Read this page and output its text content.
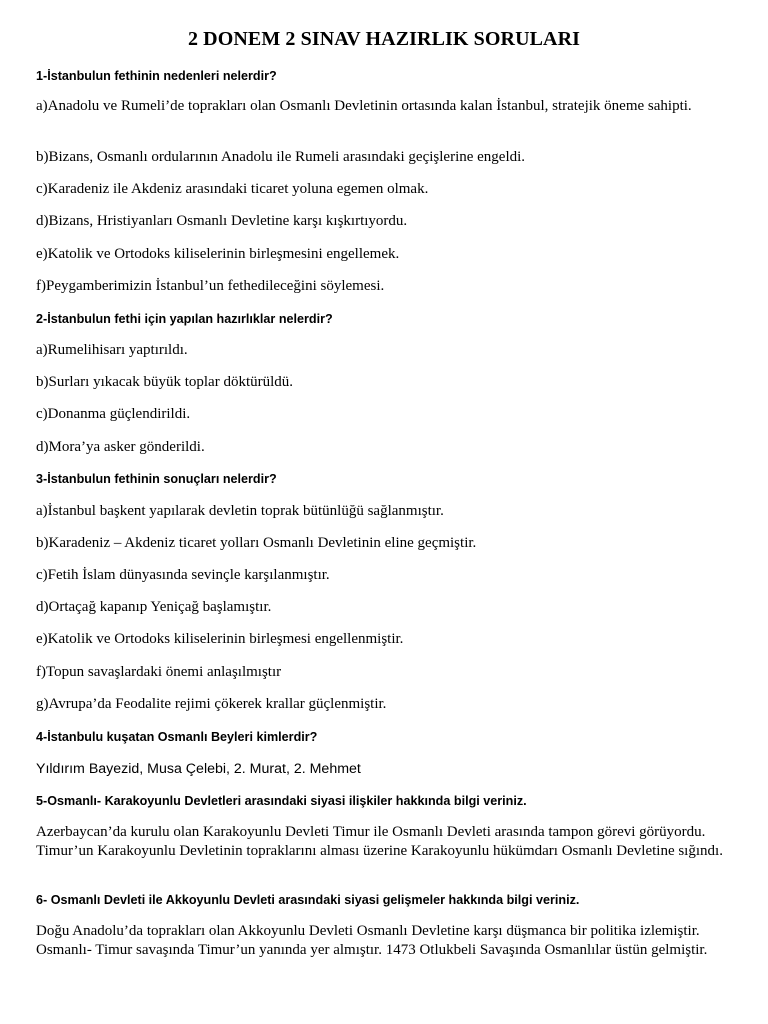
2 DONEM 2 SINAV HAZIRLIK SORULARI
1-İstanbulun fethinin nedenleri nelerdir?
a)Anadolu ve Rumeli’de toprakları olan Osmanlı Devletinin ortasında kalan İstanbul, stratejik öneme sahipti.
b)Bizans, Osmanlı ordularının Anadolu ile Rumeli arasındaki geçişlerine engeldi.
c)Karadeniz ile Akdeniz arasındaki ticaret yoluna egemen olmak.
d)Bizans, Hristiyanları Osmanlı Devletine karşı kışkırtıyordu.
e)Katolik ve Ortodoks kiliselerinin birleşmesini engellemek.
f)Peygamberimizin İstanbul’un fethedileceğini söylemesi.
2-İstanbulun fethi için yapılan hazırlıklar nelerdir?
a)Rumelihisarı yaptırıldı.
b)Surları yıkacak büyük toplar döktürüldü.
c)Donanma güçlendirildi.
d)Mora’ya asker gönderildi.
3-İstanbulun fethinin sonuçları nelerdir?
a)İstanbul başkent yapılarak devletin toprak bütünlüğü sağlanmıştır.
b)Karadeniz – Akdeniz ticaret yolları Osmanlı Devletinin eline geçmiştir.
c)Fetih İslam dünyasında sevinçle karşılanmıştır.
d)Ortaçağ kapanıp Yeniçağ başlamıştır.
e)Katolik ve Ortodoks kiliselerinin birleşmesi engellenmiştir.
f)Topun savaşlardaki önemi anlaşılmıştır
g)Avrupa’da Feodalite rejimi çökerek krallar güçlenmiştir.
4-İstanbulu kuşatan Osmanlı Beyleri kimlerdir?
Yıldırım Bayezid, Musa Çelebi, 2. Murat, 2. Mehmet
5-Osmanlı- Karakoyunlu Devletleri arasındaki siyasi ilişkiler hakkında bilgi veriniz.
Azerbaycan’da kurulu olan Karakoyunlu Devleti Timur ile Osmanlı Devleti arasında tampon görevi görüyordu. Timur’un Karakoyunlu Devletinin topraklarını alması üzerine Karakoyunlu hükümdarı Osmanlı Devletine sığındı.
6- Osmanlı Devleti ile Akkoyunlu Devleti arasındaki siyasi gelişmeler hakkında bilgi veriniz.
Doğu Anadolu’da toprakları olan Akkoyunlu Devleti Osmanlı Devletine karşı düşmanca bir politika izlemiştir. Osmanlı- Timur savaşında Timur’un yanında yer almıştır. 1473 Otlukbeli Savaşında Osmanlılar üstün gelmiştir.
